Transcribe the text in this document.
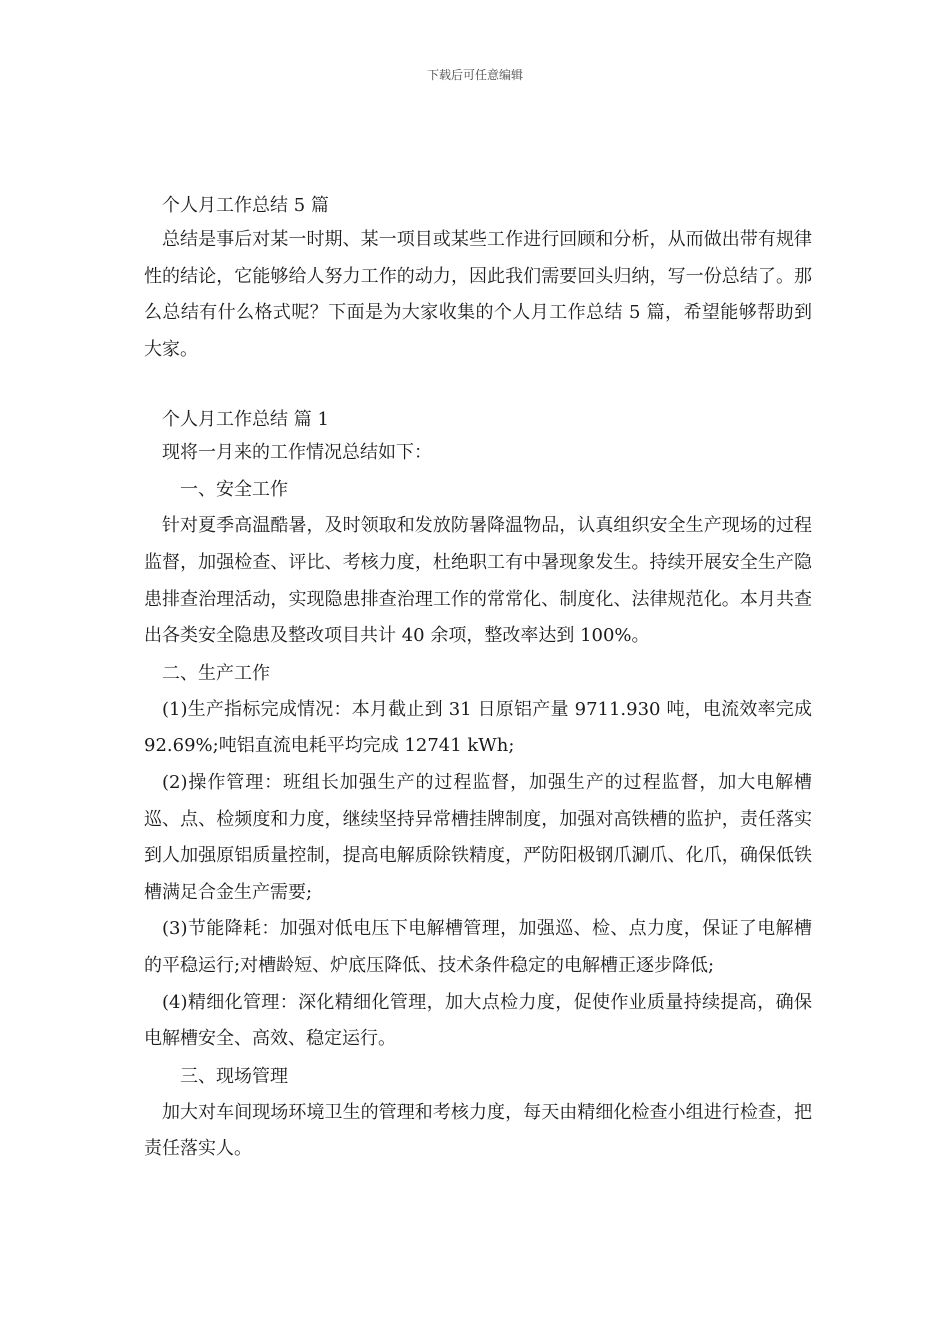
下载后可任意编辑
个人月工作总结 5 篇
总结是事后对某一时期、某一项目或某些工作进行回顾和分析，从而做出带有规律性的结论，它能够给人努力工作的动力，因此我们需要回头归纳，写一份总结了。那么总结有什么格式呢？下面是为大家收集的个人月工作总结 5 篇，希望能够帮助到大家。
个人月工作总结 篇 1
现将一月来的工作情况总结如下：
一、安全工作
针对夏季高温酷暑，及时领取和发放防暑降温物品，认真组织安全生产现场的过程监督，加强检查、评比、考核力度，杜绝职工有中暑现象发生。持续开展安全生产隐患排查治理活动，实现隐患排查治理工作的常常化、制度化、法律规范化。本月共查出各类安全隐患及整改项目共计 40 余项，整改率达到 100%。
二、生产工作
(1)生产指标完成情况：本月截止到 31 日原铝产量 9711.930 吨，电流效率完成 92.69%;吨铝直流电耗平均完成 12741 kWh;
(2)操作管理：班组长加强生产的过程监督，加强生产的过程监督，加大电解槽巡、点、检频度和力度，继续坚持异常槽挂牌制度，加强对高铁槽的监护，责任落实到人加强原铝质量控制，提高电解质除铁精度，严防阳极钢爪涮爪、化爪，确保低铁槽满足合金生产需要;
(3)节能降耗：加强对低电压下电解槽管理，加强巡、检、点力度，保证了电解槽的平稳运行;对槽龄短、炉底压降低、技术条件稳定的电解槽正逐步降低;
(4)精细化管理：深化精细化管理，加大点检力度，促使作业质量持续提高，确保电解槽安全、高效、稳定运行。
三、现场管理
加大对车间现场环境卫生的管理和考核力度，每天由精细化检查小组进行检查，把责任落实人。
